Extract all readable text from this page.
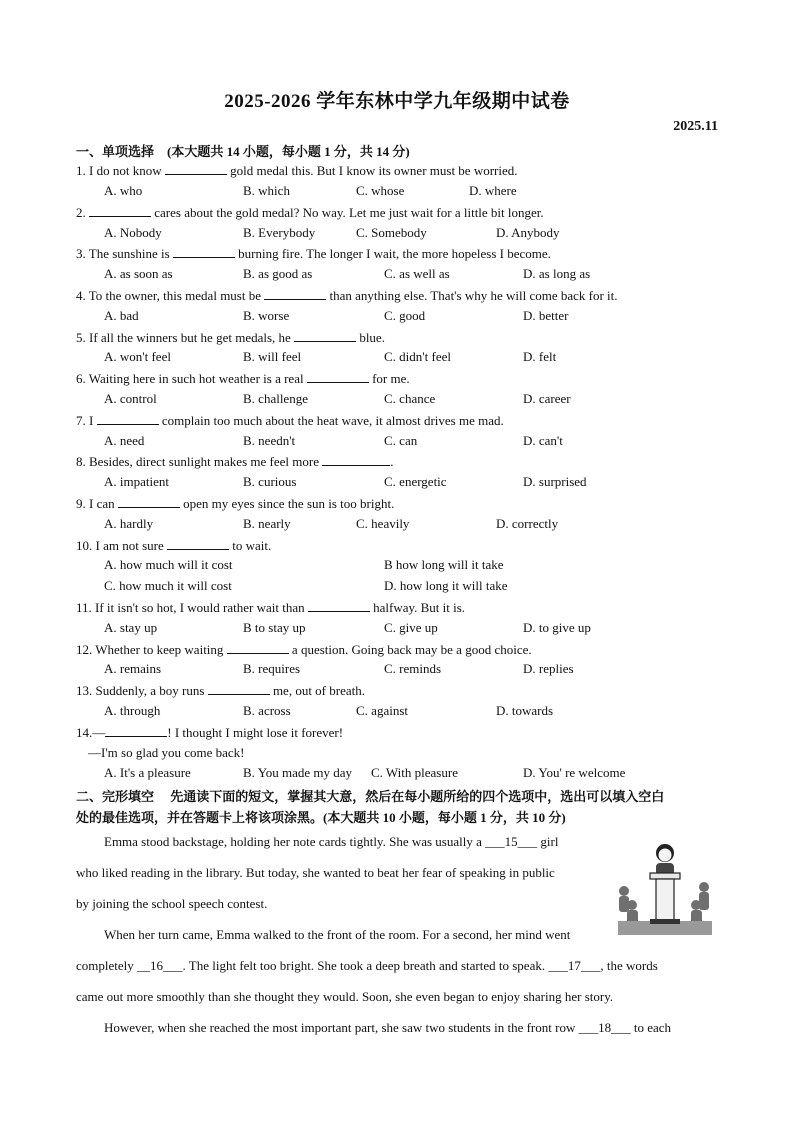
2025-2026 学年东林中学九年级期中试卷
2025.11
一、单项选择 (本大题共 14 小题，每小题 1 分，共 14 分)
1. I do not know	gold medal this. But I know its owner must be worried.
A. who	B. which	C. whose	D. where
2.	cares about the gold medal? No way. Let me just wait for a little bit longer.
A. Nobody	B. Everybody	C. Somebody	D. Anybody
3. The sunshine is	burning fire. The longer I wait, the more hopeless I become.
A. as soon as	B. as good as	C. as well as	D. as long as
4. To the owner, this medal must be	than anything else. That's why he will come back for it.
A. bad	B. worse	C. good	D. better
5. If all the winners but he get medals, he	blue.
A. won't feel	B. will feel	C. didn't feel	D. felt
6. Waiting here in such hot weather is a real	for me.
A. control	B. challenge	C. chance	D. career
7. I	complain too much about the heat wave, it almost drives me mad.
A. need	B. needn't	C. can	D. can't
8. Besides, direct sunlight makes me feel more	.
A. impatient	B. curious	C. energetic	D. surprised
9. I can	open my eyes since the sun is too bright.
A. hardly	B. nearly	C. heavily	D. correctly
10. I am not sure	to wait.
A. how much will it cost	B how long will it take
C. how much it will cost	D. how long it will take
11. If it isn't so hot, I would rather wait than	halfway. But it is.
A. stay up	B to stay up	C. give up	D. to give up
12. Whether to keep waiting	a question. Going back may be a good choice.
A. remains	B. requires	C. reminds	D. replies
13. Suddenly, a boy runs	me, out of breath.
A. through	B. across	C. against	D. towards
14.—	! I thought I might lose it forever!
—I'm so glad you come back!
A. It's a pleasure	B. You made my day C. With pleasure	D. You' re welcome
二、完形填空 先通读下面的短文，掌握其大意，然后在每小题所给的四个选项中，选出可以填入空白
处的最佳选项，并在答题卡上将该项涂黑。(本大题共 10 小题，每小题 1 分，共 10 分)
Emma stood backstage, holding her note cards tightly. She was usually a ___15___ girl
who liked reading in the library. But today, she wanted to beat her fear of speaking in public
by joining the school speech contest.
When her turn came, Emma walked to the front of the room. For a second, her mind went
completely __16___. The light felt too bright. She took a deep breath and started to speak. ___17___, the words
came out more smoothly than she thought they would. Soon, she even began to enjoy sharing her story.
However, when she reached the most important part, she saw two students in the front row ___18___ to each
